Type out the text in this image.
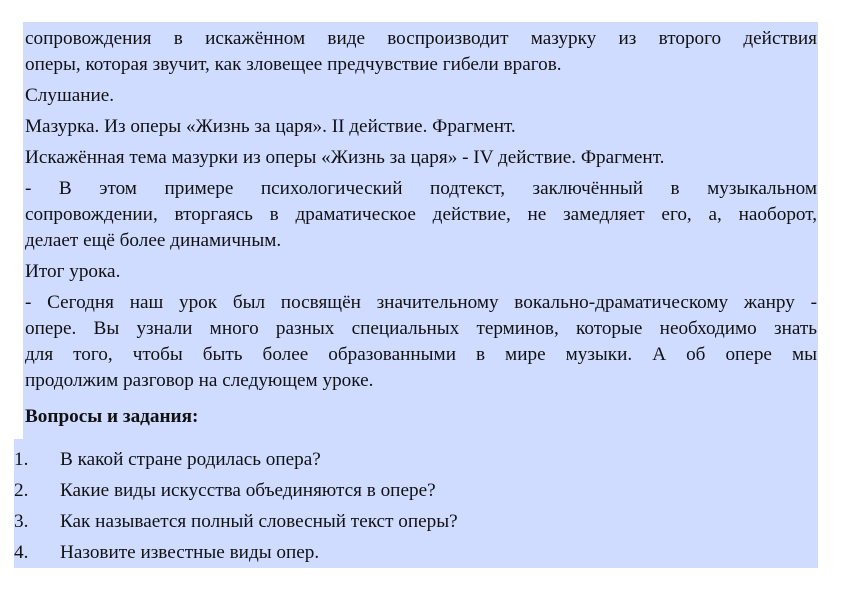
сопровождения в искажённом виде воспроизводит мазурку из второго действия
оперы, которая звучит, как зловещее предчувствие гибели врагов.
Слушание.
Мазурка. Из оперы «Жизнь за царя». II действие. Фрагмент.
Искажённая тема мазурки из оперы «Жизнь за царя» - IV действие. Фрагмент.
- В этом примере психологический подтекст, заключённый в музыкальном
сопровождении, вторгаясь в драматическое действие, не замедляет его, а, наоборот,
делает ещё более динамичным.
Итог урока.
- Сегодня наш урок был посвящён значительному вокально-драматическому жанру -
опере. Вы узнали много разных специальных терминов, которые необходимо знать
для того, чтобы быть более образованными в мире музыки. А об опере мы
продолжим разговор на следующем уроке.
Вопросы и задания:
1.	В какой стране родилась опера?
2.	Какие виды искусства объединяются в опере?
3.	Как называется полный словесный текст оперы?
4.	Назовите известные виды опер.
